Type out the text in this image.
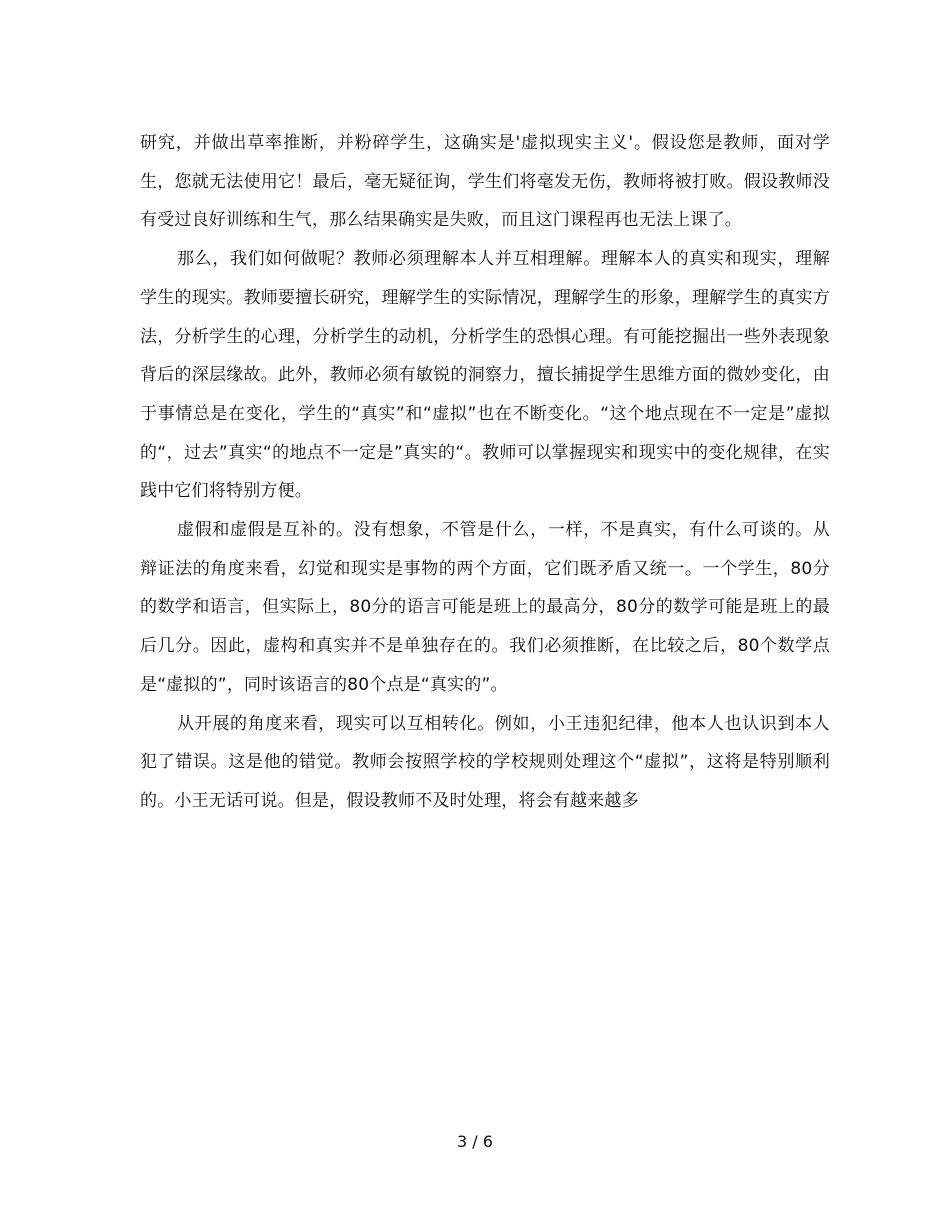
研究，并做出草率推断，并粉碎学生，这确实是'虚拟现实主义'。假设您是教师，面对学生，您就无法使用它！最后，毫无疑征询，学生们将毫发无伤，教师将被打败。假设教师没有受过良好训练和生气，那么结果确实是失败，而且这门课程再也无法上课了。

那么，我们如何做呢？教师必须理解本人并互相理解。理解本人的真实和现实，理解学生的现实。教师要擅长研究，理解学生的实际情况，理解学生的形象，理解学生的真实方法，分析学生的心理，分析学生的动机，分析学生的恐惧心理。有可能挖掘出一些外表现象背后的深层缘故。此外，教师必须有敏锐的洞察力，擅长捕捉学生思维方面的微妙变化，由于事情总是在变化，学生的“真实”和“虚拟”也在不断变化。“这个地点现在不一定是”虚拟的“，过去”真实“的地点不一定是”真实的“。教师可以掌握现实和现实中的变化规律，在实践中它们将特别方便。

虚假和虚假是互补的。没有想象，不管是什么，一样，不是真实，有什么可谈的。从辩证法的角度来看，幻觉和现实是事物的两个方面，它们既矛盾又统一。一个学生，80分的数学和语言，但实际上，80分的语言可能是班上的最高分，80分的数学可能是班上的最后几分。因此，虚构和真实并不是单独存在的。我们必须推断，在比较之后，80个数学点是“虚拟的”，同时该语言的80个点是“真实的”。

从开展的角度来看，现实可以互相转化。例如，小王违犯纪律，他本人也认识到本人犯了错误。这是他的错觉。教师会按照学校的学校规则处理这个“虚拟”，这将是特别顺利的。小王无话可说。但是，假设教师不及时处理，将会有越来越多

3 / 6
